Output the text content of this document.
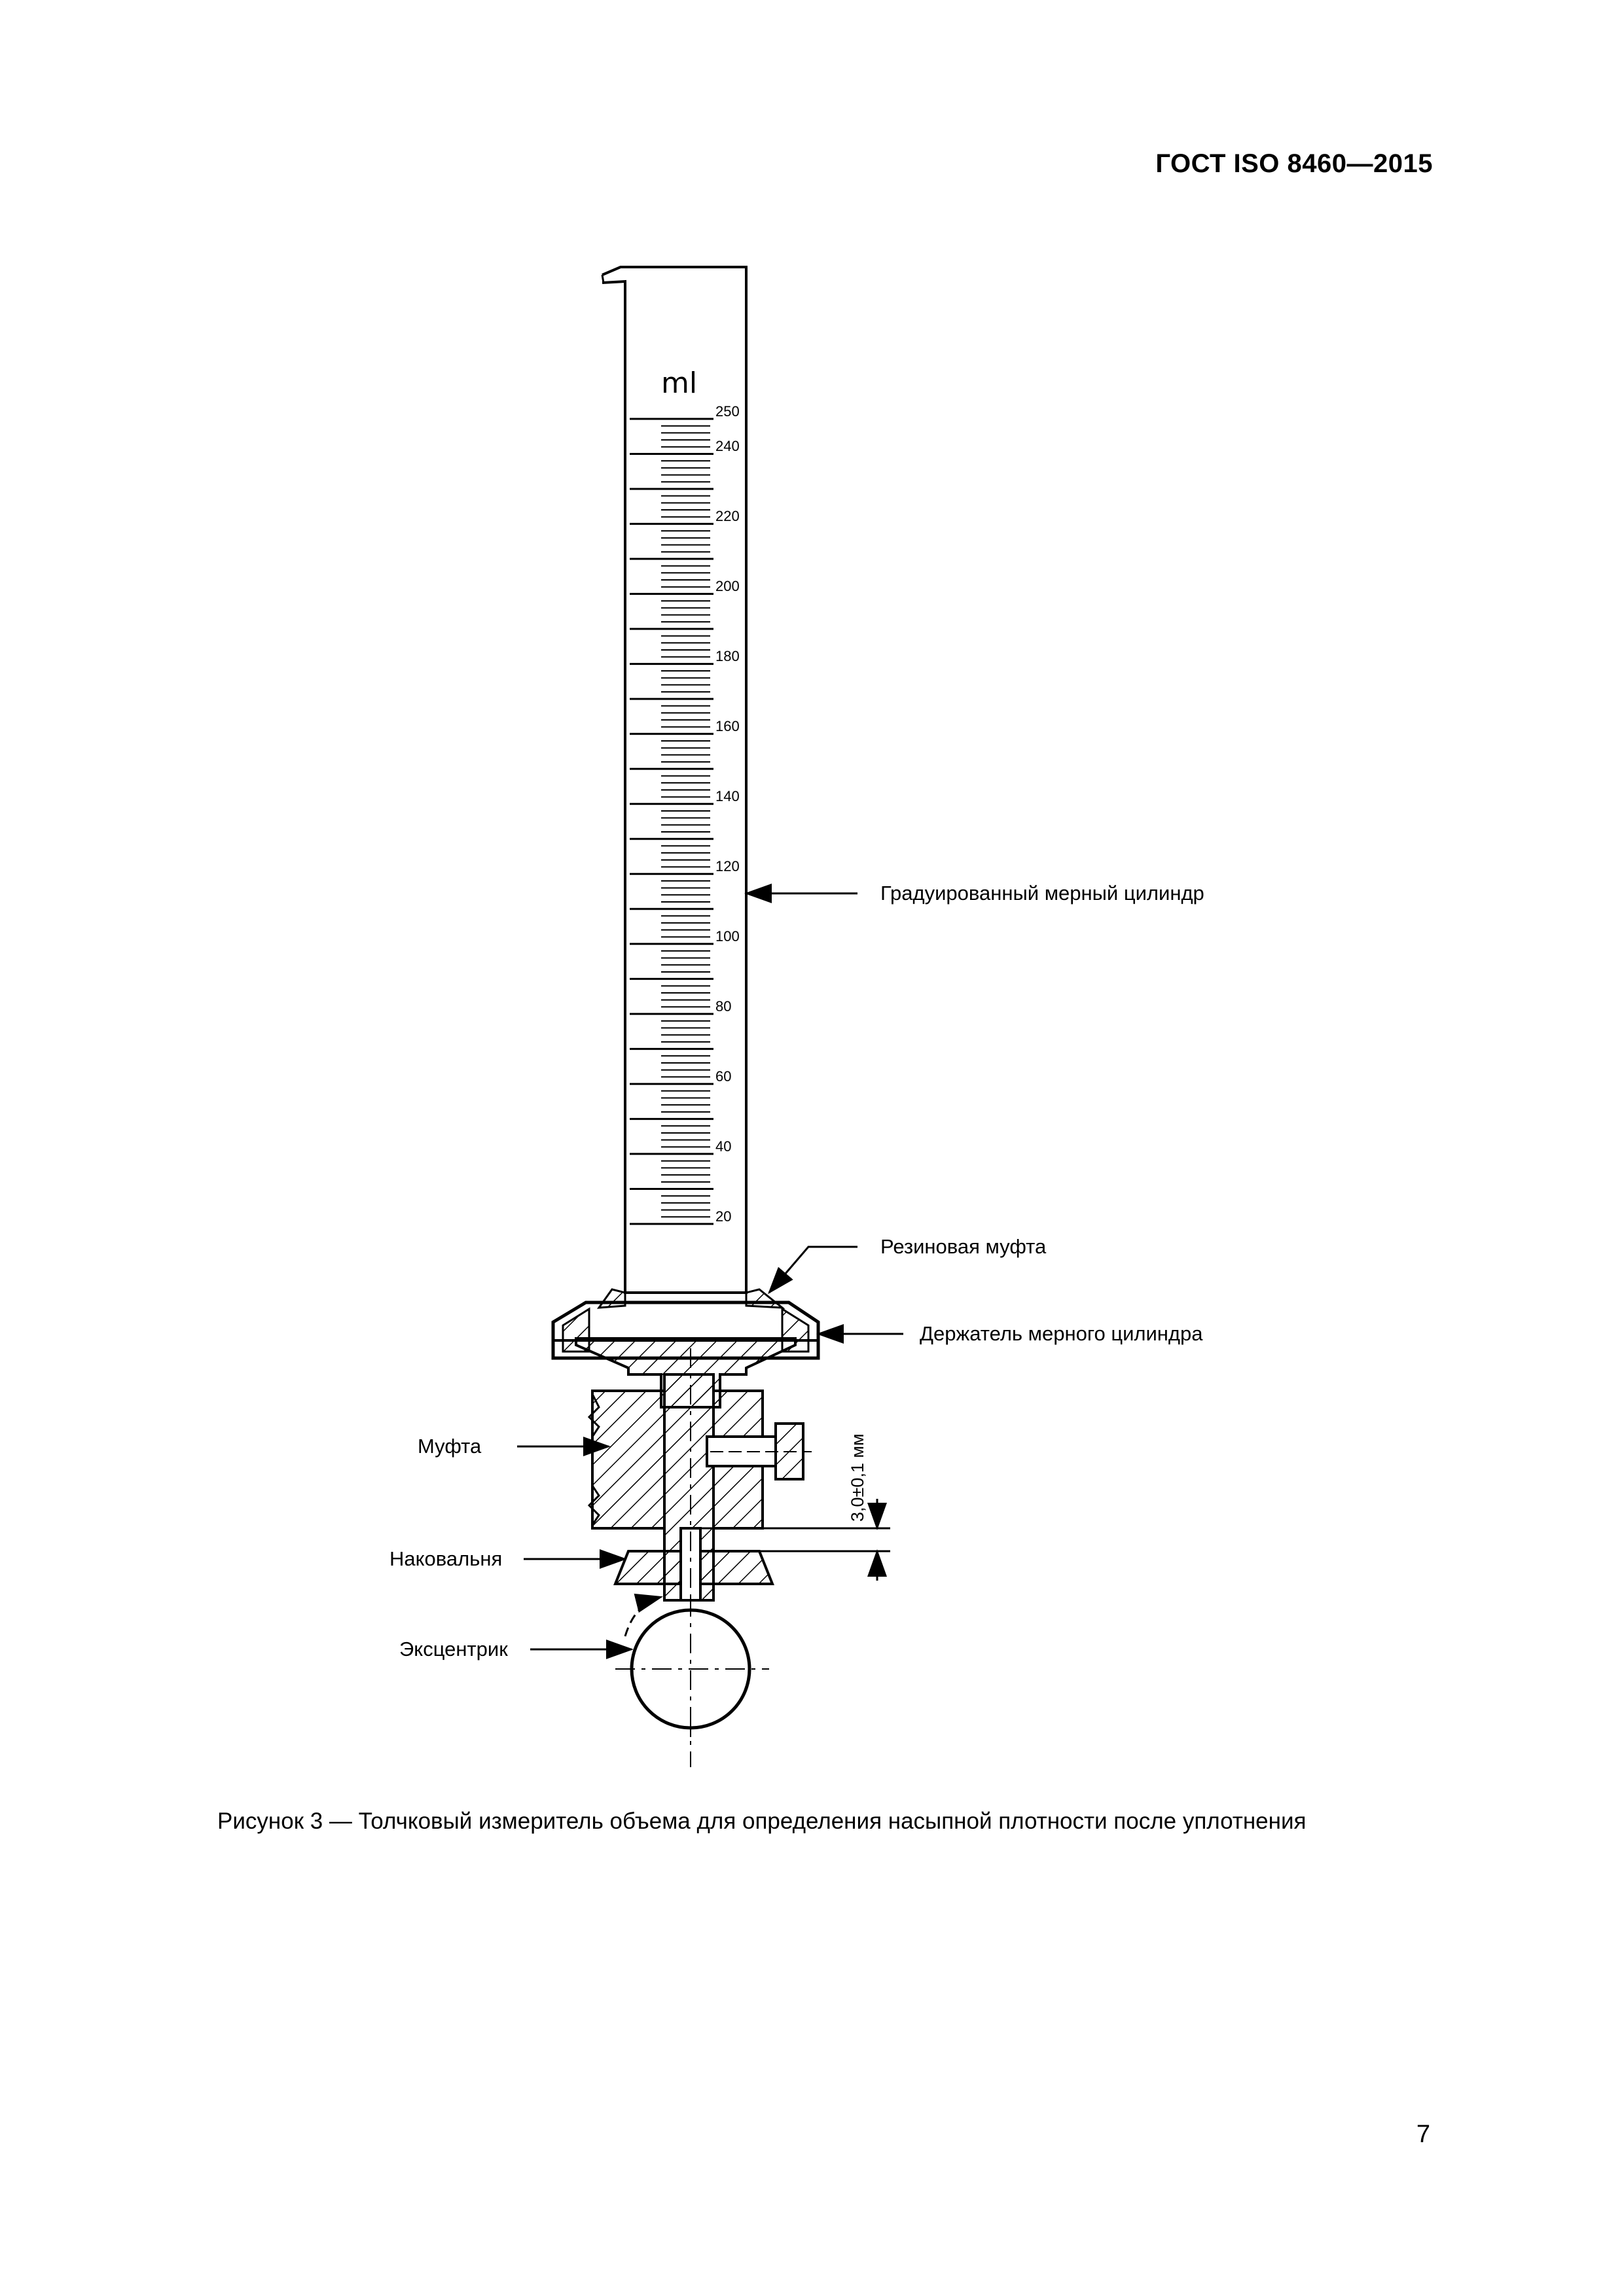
ГОСТ ISO 8460—2015
ml
250
240
220
200
180
160
140
120
100
80
60
40
20
Градуированный мерный цилиндр
Резиновая муфта
Держатель мерного цилиндра
Муфта
Наковальня
Эксцентрик
3,0±0,1 мм
Рисунок 3 — Толчковый измеритель объема для определения насыпной плотности после уплотнения
7
